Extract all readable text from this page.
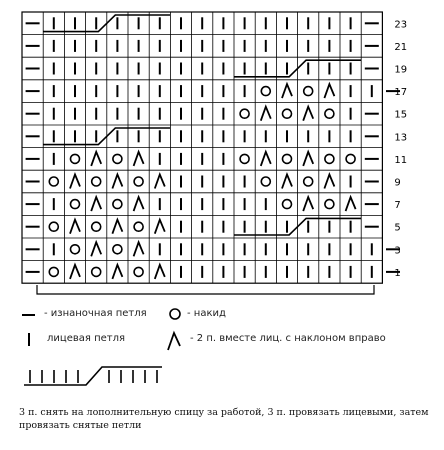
23
21
19
17
15
13
11
9
7
5
3
1
- изнаночная петля	- накид
лицевая петля	- 2 п. вместе лиц. с наклоном вправо
3 п. снять на лополнительную спицу за работой, 3 п. провязать лицевыми, затем провязать снятые петли
